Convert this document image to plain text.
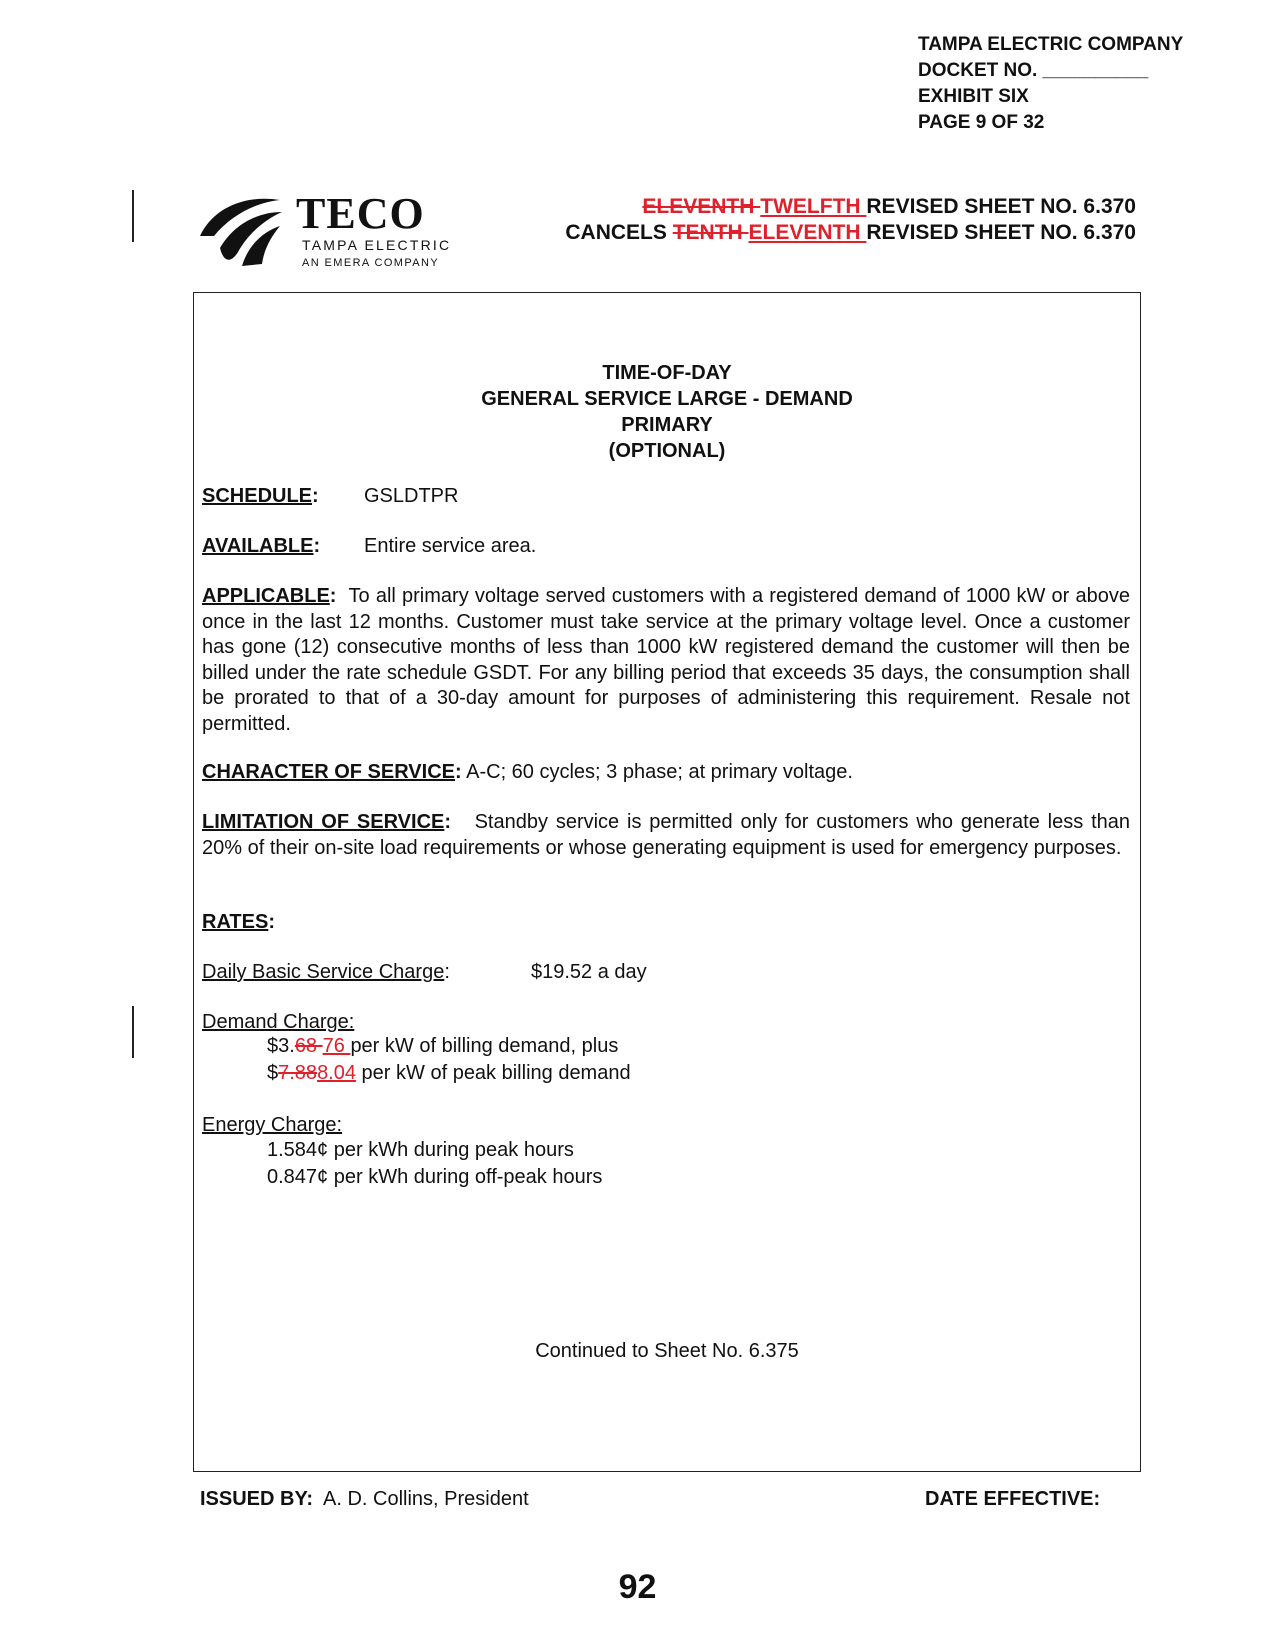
TAMPA ELECTRIC COMPANY
DOCKET NO. __________
EXHIBIT SIX
PAGE 9 OF 32
TECO
TAMPA ELECTRIC
AN EMERA COMPANY
ELEVENTH TWELFTH REVISED SHEET NO. 6.370
CANCELS TENTH ELEVENTH REVISED SHEET NO. 6.370
TIME-OF-DAY
GENERAL SERVICE LARGE - DEMAND
PRIMARY
(OPTIONAL)
SCHEDULE: GSLDTPR
AVAILABLE: Entire service area.
APPLICABLE: To all primary voltage served customers with a registered demand of 1000 kW or above once in the last 12 months. Customer must take service at the primary voltage level. Once a customer has gone (12) consecutive months of less than 1000 kW registered demand the customer will then be billed under the rate schedule GSDT. For any billing period that exceeds 35 days, the consumption shall be prorated to that of a 30-day amount for purposes of administering this requirement. Resale not permitted.
CHARACTER OF SERVICE: A-C; 60 cycles; 3 phase; at primary voltage.
LIMITATION OF SERVICE: Standby service is permitted only for customers who generate less than 20% of their on-site load requirements or whose generating equipment is used for emergency purposes.
RATES:
Daily Basic Service Charge:	$19.52 a day
Demand Charge:
$3.68 76 per kW of billing demand, plus
$7.888.04 per kW of peak billing demand
Energy Charge:
1.584¢ per kWh during peak hours
0.847¢ per kWh during off-peak hours
Continued to Sheet No. 6.375
ISSUED BY: A. D. Collins, President	DATE EFFECTIVE:
92
